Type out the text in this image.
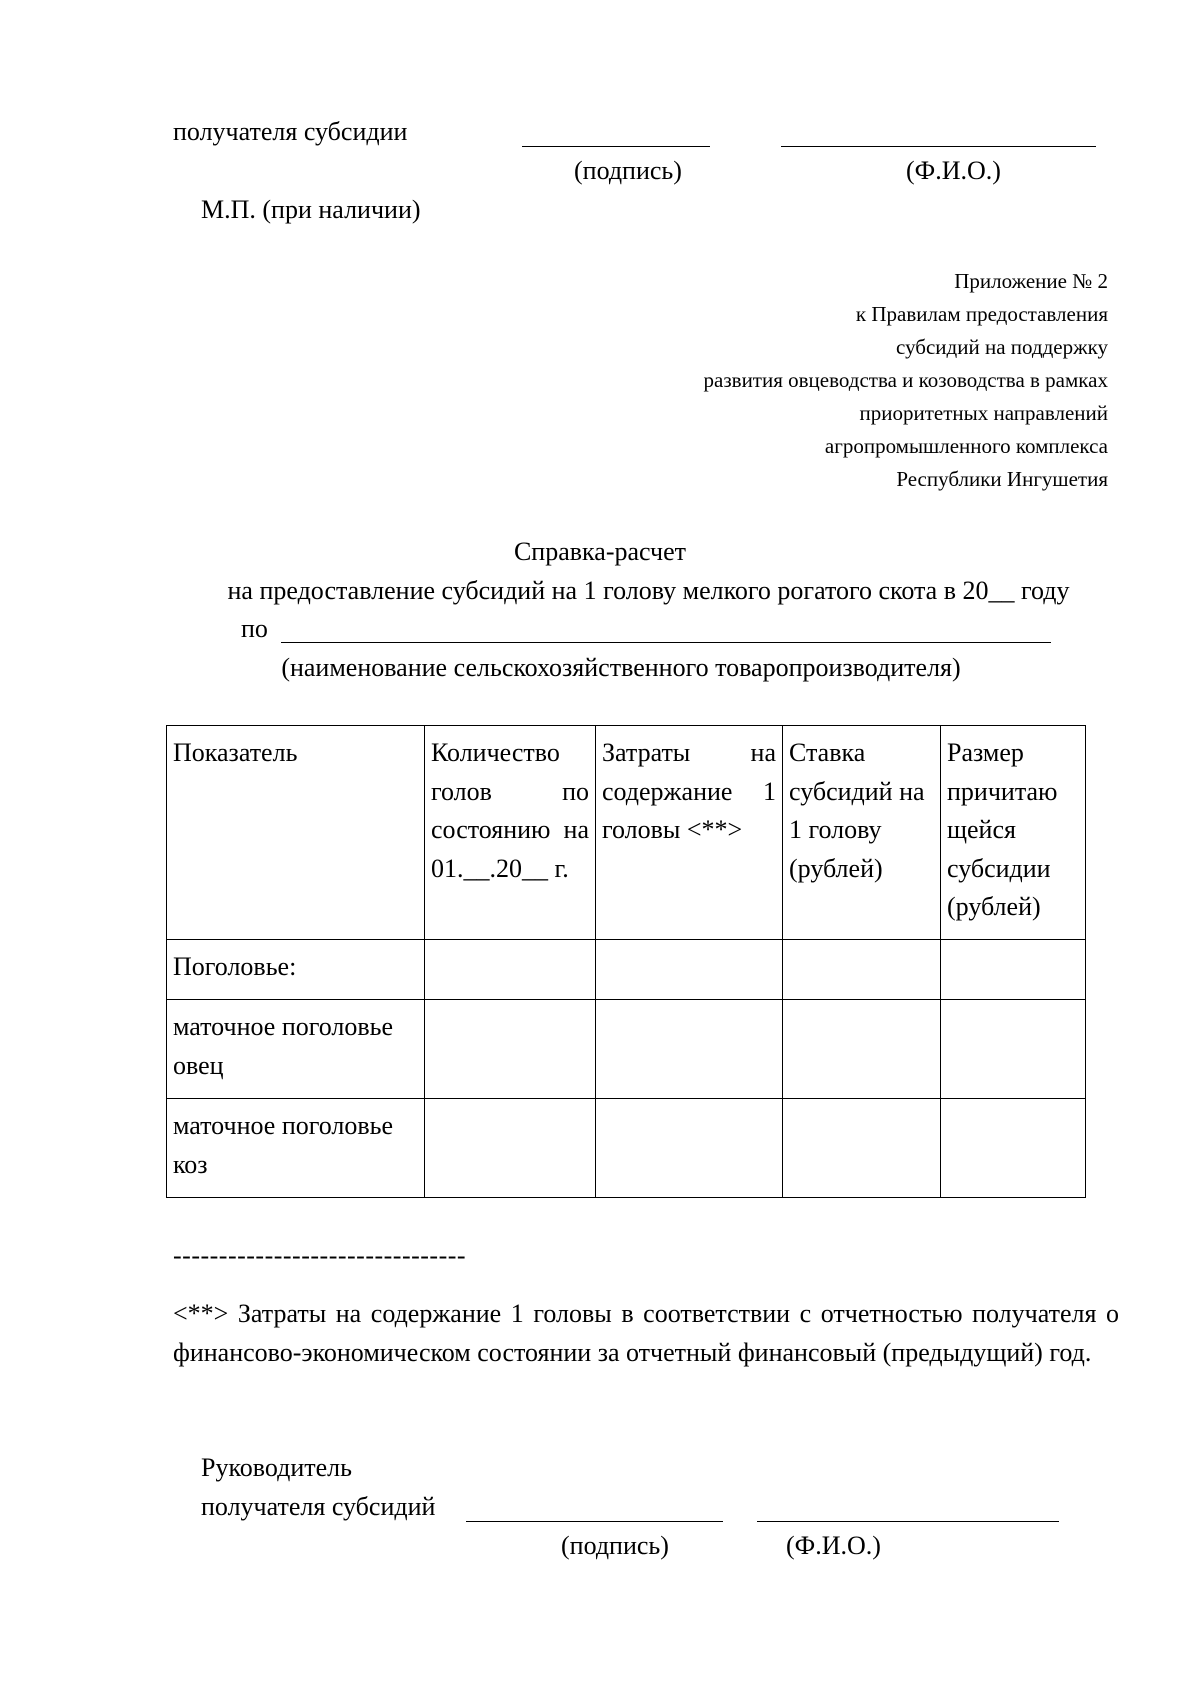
получателя субсидии
(подпись)	(Ф.И.О.)
М.П. (при наличии)
Приложение № 2
к Правилам предоставления
субсидий на поддержку
развития овцеводства и козоводства в рамках
приоритетных направлений
агропромышленного комплекса
Республики Ингушетия
Справка-расчет
на предоставление субсидий на 1 голову мелкого рогатого скота в 20__ году
по
(наименование сельскохозяйственного товаропроизводителя)
Показатель	Количество голов по состоянию на 01.__.20__ г.	Затраты на содержание 1 головы <**>	Ставка субсидий на 1 голову (рублей)	Размер причитаю щейся субсидии (рублей)

Поголовье:				
маточное поголовье овец				
маточное поголовье коз				
--------------------------------
<**> Затраты на содержание 1 головы в соответствии с отчетностью получателя о финансово-экономическом состоянии за отчетный финансовый (предыдущий) год.
Руководитель
получателя субсидий
(подпись)	(Ф.И.О.)
